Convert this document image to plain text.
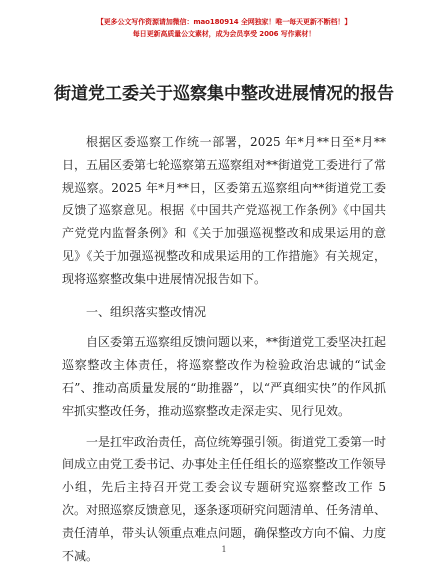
【更多公文写作资源请加微信：mao180914 全网独家！唯一每天更新不断档！】
每日更新高质量公文素材，成为会员享受 2006 写作素材！
街道党工委关于巡察集中整改进展情况的报告

根据区委巡察工作统一部署，2025 年*月**日至*月**日，五届区委第七轮巡察第五巡察组对**街道党工委进行了常规巡察。2025 年*月**日，区委第五巡察组向**街道党工委反馈了巡察意见。根据《中国共产党巡视工作条例》《中国共产党党内监督条例》和《关于加强巡视整改和成果运用的意见》《关于加强巡视整改和成果运用的工作措施》有关规定，现将巡察整改集中进展情况报告如下。

一、组织落实整改情况

自区委第五巡察组反馈问题以来，**街道党工委坚决扛起巡察整改主体责任，将巡察整改作为检验政治忠诚的“试金石”、推动高质量发展的“助推器”，以“严真细实快”的作风抓牢抓实整改任务，推动巡察整改走深走实、见行见效。

一是扛牢政治责任，高位统筹强引领。街道党工委第一时间成立由党工委书记、办事处主任任组长的巡察整改工作领导小组，先后主持召开党工委会议专题研究巡察整改工作 5 次。对照巡察反馈意见，逐条逐项研究问题清单、任务清单、责任清单，带头认领重点难点问题，确保整改方向不偏、力度不减。	1
